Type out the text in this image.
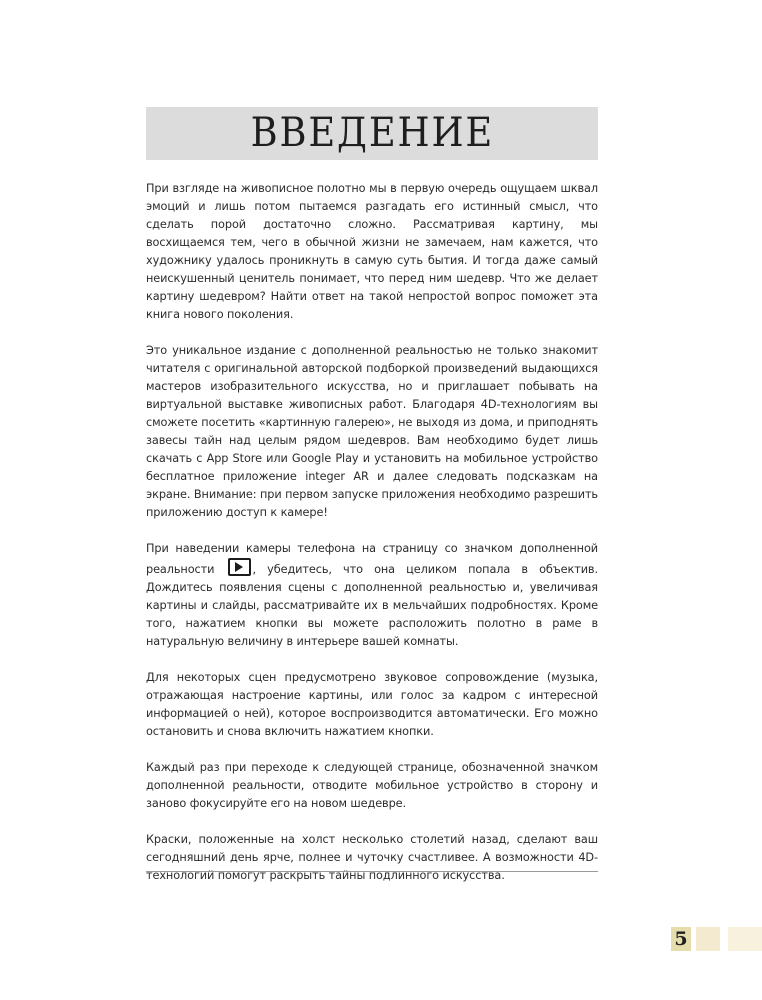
ВВЕДЕНИЕ

При взгляде на живописное полотно мы в первую очередь ощущаем шквал эмоций и лишь потом пытаемся разгадать его истинный смысл, что сделать порой достаточно сложно. Рассматривая картину, мы восхищаемся тем, чего в обычной жизни не замечаем, нам кажется, что художнику удалось проникнуть в самую суть бытия. И тогда даже самый неискушенный ценитель понимает, что перед ним шедевр. Что же делает картину шедевром? Найти ответ на такой непростой вопрос поможет эта книга нового поколения.

Это уникальное издание с дополненной реальностью не только знакомит читателя с оригинальной авторской подборкой произведений выдающихся мастеров изобразительного искусства, но и приглашает побывать на виртуальной выставке живописных работ. Благодаря 4D-технологиям вы сможете посетить «картинную галерею», не выходя из дома, и приподнять завесы тайн над целым рядом шедевров. Вам необходимо будет лишь скачать с App Store или Google Play и установить на мобильное устройство бесплатное приложение integer AR и далее следовать подсказкам на экране. Внимание: при первом запуске приложения необходимо разрешить приложению доступ к камере!

При наведении камеры телефона на страницу со значком дополненной реальности	, убедитесь, что она целиком попала в объектив. Дождитесь появления сцены с дополненной реальностью и, увеличивая картины и слайды, рассматривайте их в мельчайших подробностях. Кроме того, нажатием кнопки вы можете расположить полотно в раме в натуральную величину в интерьере вашей комнаты.

Для некоторых сцен предусмотрено звуковое сопровождение (музыка, отражающая настроение картины, или голос за кадром с интересной информацией о ней), которое воспроизводится автоматически. Его можно остановить и снова включить нажатием кнопки.

Каждый раз при переходе к следующей странице, обозначенной значком дополненной реальности, отводите мобильное устройство в сторону и заново фокусируйте его на новом шедевре.

Краски, положенные на холст несколько столетий назад, сделают ваш сегодняшний день ярче, полнее и чуточку счастливее. А возможности 4D-технологий помогут раскрыть тайны подлинного искусства.

5
